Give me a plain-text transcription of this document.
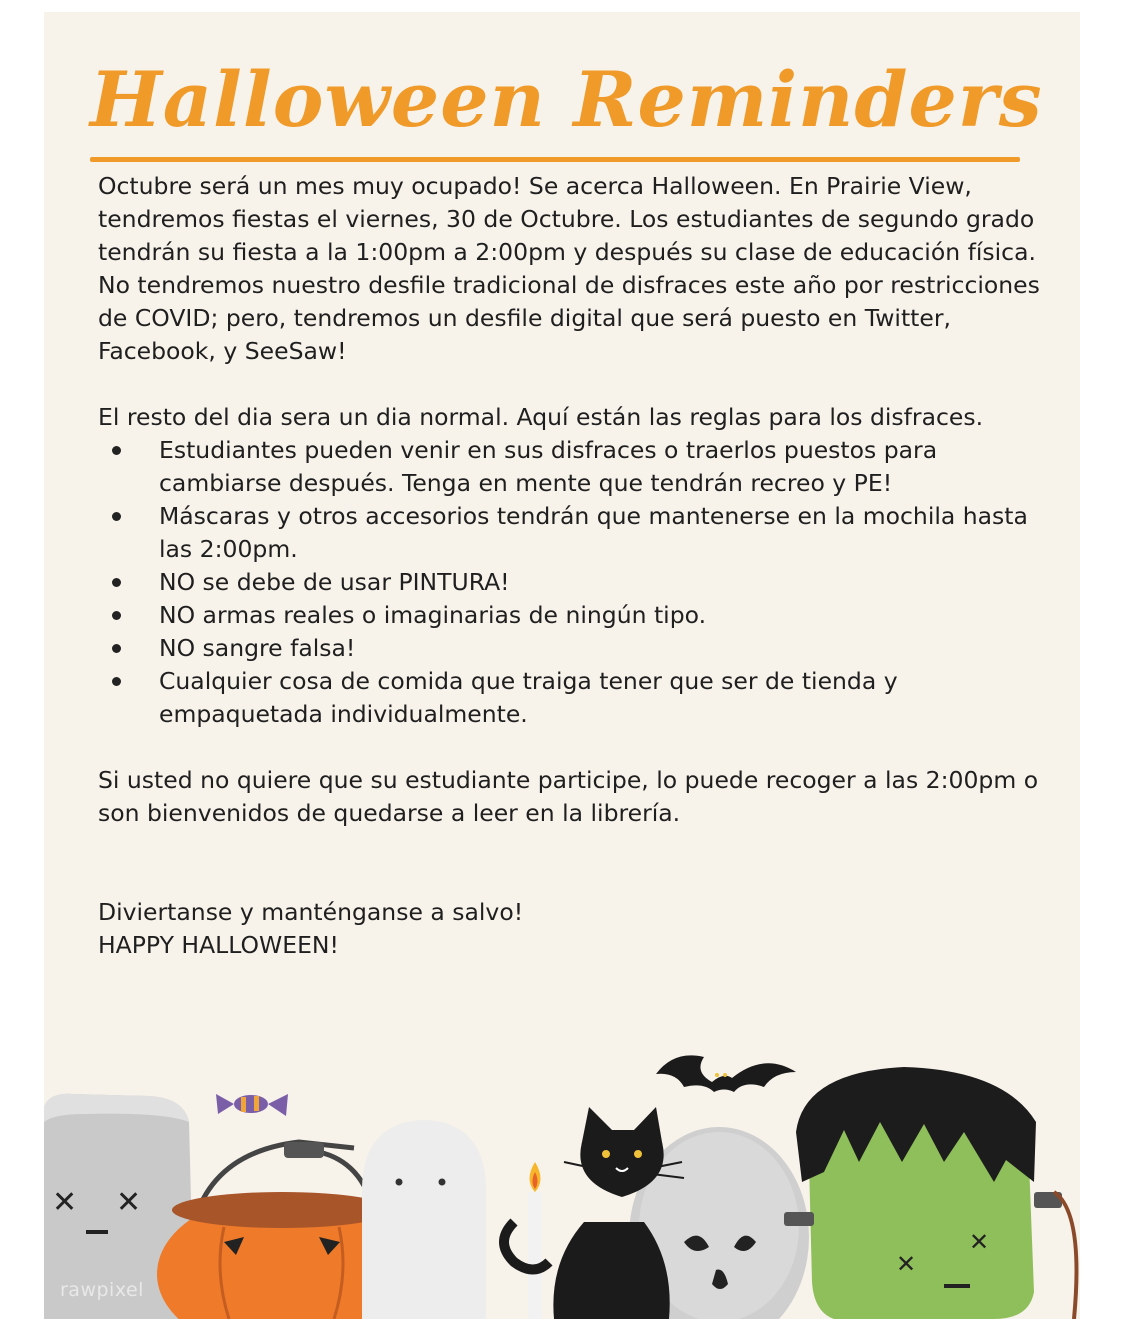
Halloween Reminders

Octubre será un mes muy ocupado! Se acerca Halloween. En Prairie View, tendremos fiestas el viernes, 30 de Octubre. Los estudiantes de segundo grado tendrán su fiesta a la 1:00pm a 2:00pm y después su clase de educación física. No tendremos nuestro desfile tradicional de disfraces este año por restricciones de COVID; pero, tendremos un desfile digital que será puesto en Twitter, Facebook, y SeeSaw!

El resto del dia sera un dia normal. Aquí están las reglas para los disfraces.

Estudiantes pueden venir en sus disfraces o traerlos puestos para cambiarse después. Tenga en mente que tendrán recreo y PE!
Máscaras y otros accesorios tendrán que mantenerse en la mochila hasta las 2:00pm.
NO se debe de usar PINTURA!
NO armas reales o imaginarias de ningún tipo.
NO sangre falsa!
Cualquier cosa de comida que traiga tener que ser de tienda y empaquetada individualmente.

Si usted no quiere que su estudiante participe, lo puede recoger a las 2:00pm o son bienvenidos de quedarse a leer en la librería.

Diviertanse y manténganse a salvo!

HAPPY HALLOWEEN!

✕ ✕
✕
✕
rawpixel
